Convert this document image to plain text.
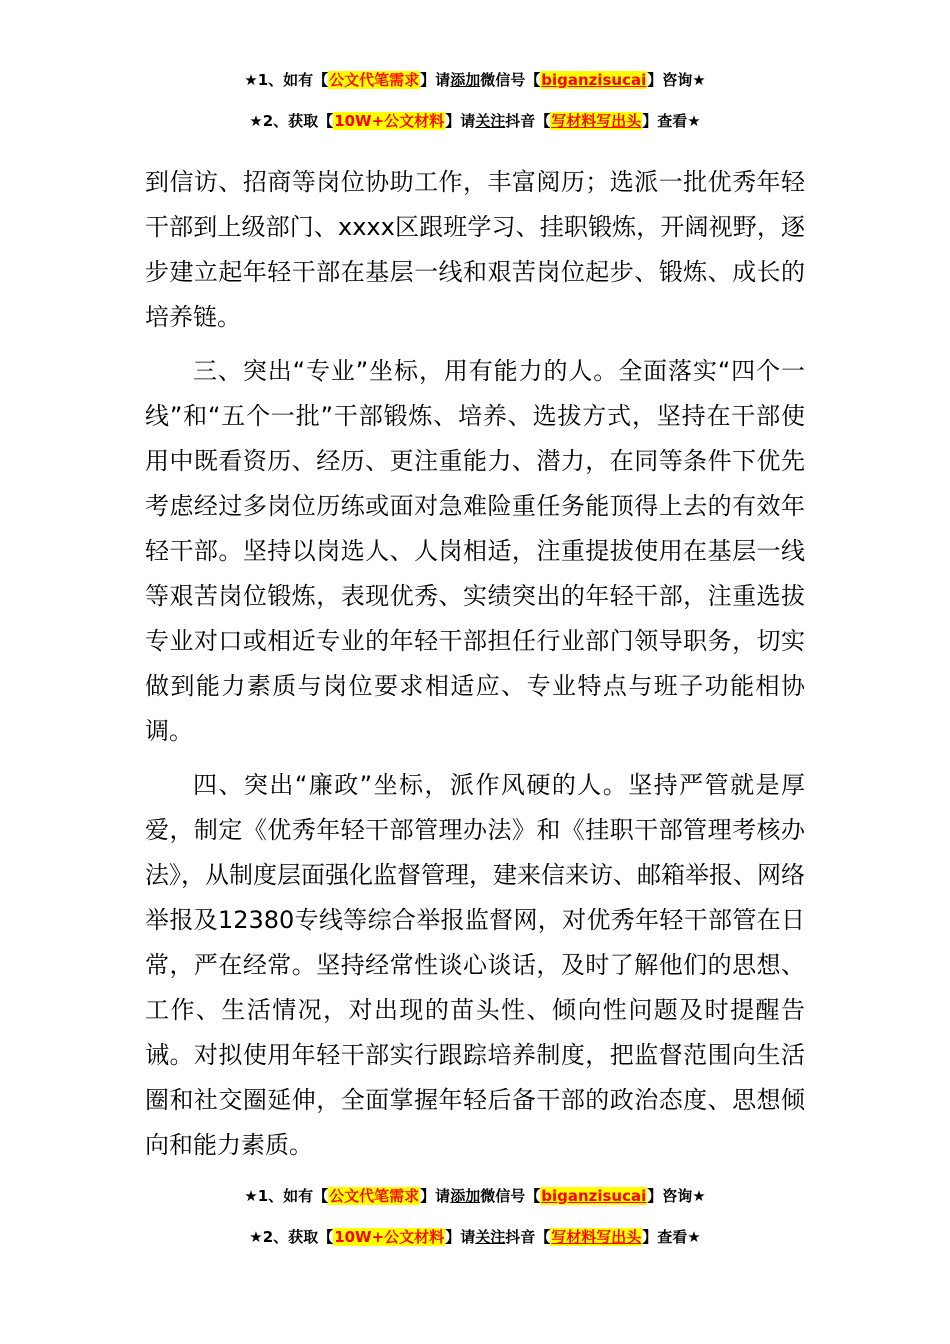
★1、如有【公文代笔需求】请添加微信号【biganzisucai】咨询★
★2、获取【10W+公文材料】请关注抖音【写材料写出头】查看★

到信访、招商等岗位协助工作，丰富阅历；选派一批优秀年轻干部到上级部门、xxxx区跟班学习、挂职锻炼，开阔视野，逐步建立起年轻干部在基层一线和艰苦岗位起步、锻炼、成长的培养链。

三、突出“专业”坐标，用有能力的人。全面落实“四个一线”和“五个一批”干部锻炼、培养、选拔方式，坚持在干部使用中既看资历、经历、更注重能力、潜力，在同等条件下优先考虑经过多岗位历练或面对急难险重任务能顶得上去的有效年轻干部。坚持以岗选人、人岗相适，注重提拔使用在基层一线等艰苦岗位锻炼，表现优秀、实绩突出的年轻干部，注重选拔专业对口或相近专业的年轻干部担任行业部门领导职务，切实做到能力素质与岗位要求相适应、专业特点与班子功能相协调。

四、突出“廉政”坐标，派作风硬的人。坚持严管就是厚爱，制定《优秀年轻干部管理办法》和《挂职干部管理考核办法》，从制度层面强化监督管理，建来信来访、邮箱举报、网络举报及12380专线等综合举报监督网，对优秀年轻干部管在日常，严在经常。坚持经常性谈心谈话，及时了解他们的思想、工作、生活情况，对出现的苗头性、倾向性问题及时提醒告诫。对拟使用年轻干部实行跟踪培养制度，把监督范围向生活圈和社交圈延伸，全面掌握年轻后备干部的政治态度、思想倾向和能力素质。

★1、如有【公文代笔需求】请添加微信号【biganzisucai】咨询★
★2、获取【10W+公文材料】请关注抖音【写材料写出头】查看★
